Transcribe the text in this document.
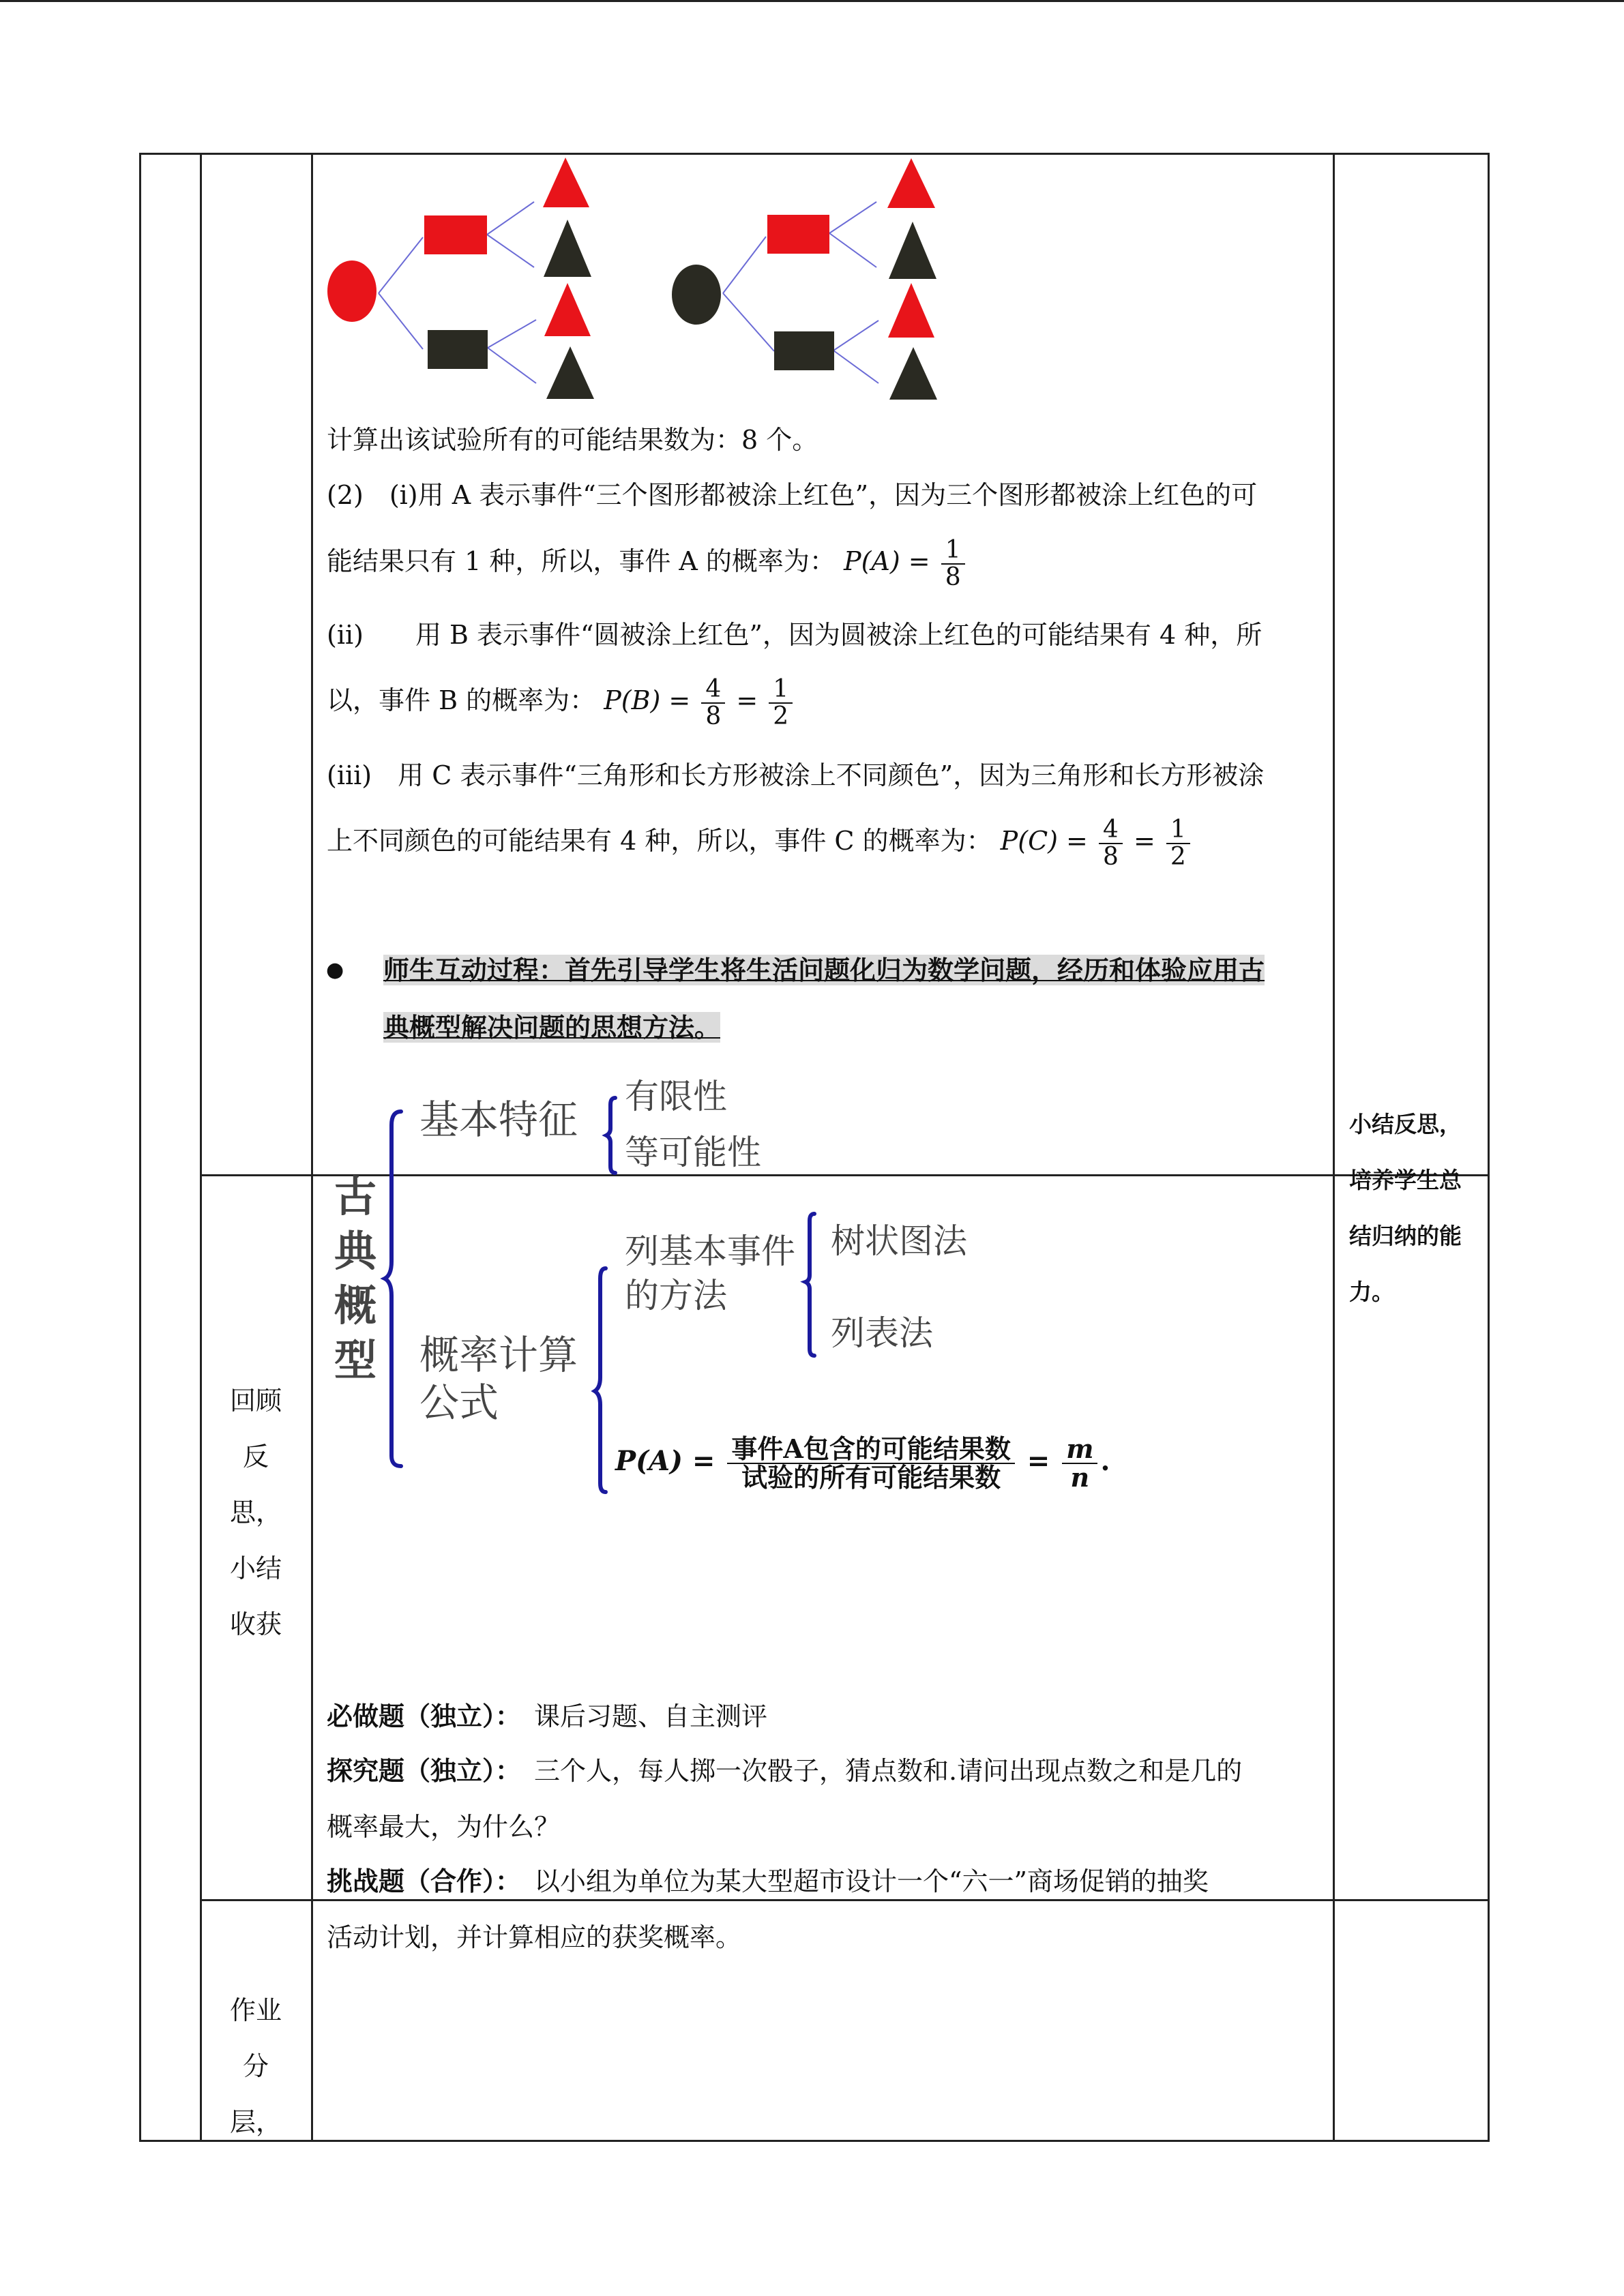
计算出该试验所有的可能结果数为：8 个。
(2)　(i)用 A 表示事件“三个图形都被涂上红色”，因为三个图形都被涂上红色的可
能结果只有 1 种，所以，事件 A 的概率为： $P(A) = \frac{1}{8}$
(ii)　　用 B 表示事件“圆被涂上红色”，因为圆被涂上红色的可能结果有 4 种，所
以，事件 B 的概率为： $P(B) = \frac{4}{8} = \frac{1}{2}$
(iii)　用 C 表示事件“三角形和长方形被涂上不同颜色”，因为三角形和长方形被涂
上不同颜色的可能结果有 4 种，所以，事件 C 的概率为： $P(C) = \frac{4}{8} = \frac{1}{2}$
● 师生互动过程：首先引导学生将生活问题化归为数学问题，经历和体验应用古
典概型解决问题的思想方法。
古
典
概
型
基本特征 有限性
等可能性
列基本事件
的方法
树状图法
列表法
概率计算
公式
$P(A) = \frac{\text{事件A包含的可能结果数}}{\text{试验的所有可能结果数}} = \frac{m}{n}$ .
必做题（独立）：　 课后习题、自主测评
探究题（独立）：　 三个人，每人掷一次骰子，猜点数和.请问出现点数之和是几的
概率最大，为什么？
挑战题（合作）：　 以小组为单位为某大型超市设计一个“六一”商场促销的抽奖
活动计划，并计算相应的获奖概率。
回顾
反
思，
小结
收获
作业
分
层，
小结反思，
培养学生总
结归纳的能
力。
